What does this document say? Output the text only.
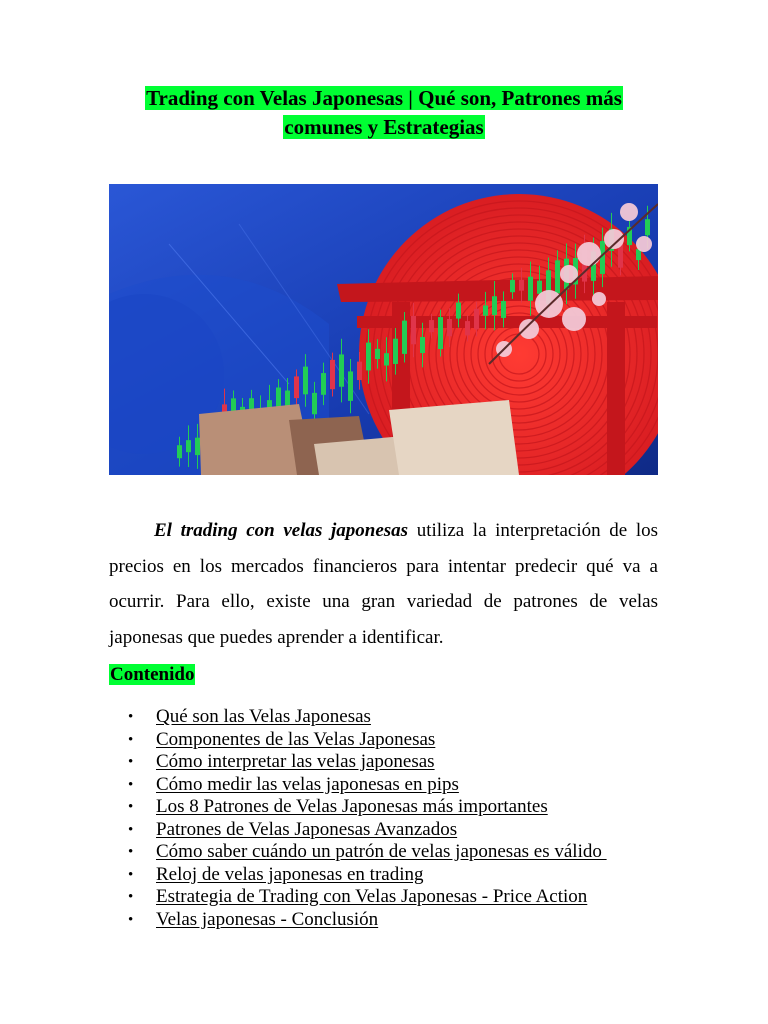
Trading con Velas Japonesas | Qué son, Patrones más
comunes y Estrategias

El trading con velas japonesas utiliza la interpretación de los precios en los mercados financieros para intentar predecir qué va a ocurrir. Para ello, existe una gran variedad de patrones de velas japonesas que puedes aprender a identificar.

Contenido
• Qué son las Velas Japonesas
• Componentes de las Velas Japonesas
• Cómo interpretar las velas japonesas
• Cómo medir las velas japonesas en pips
• Los 8 Patrones de Velas Japonesas más importantes
• Patrones de Velas Japonesas Avanzados
• Cómo saber cuándo un patrón de velas japonesas es válido
• Reloj de velas japonesas en trading
• Estrategia de Trading con Velas Japonesas - Price Action
• Velas japonesas - Conclusión
